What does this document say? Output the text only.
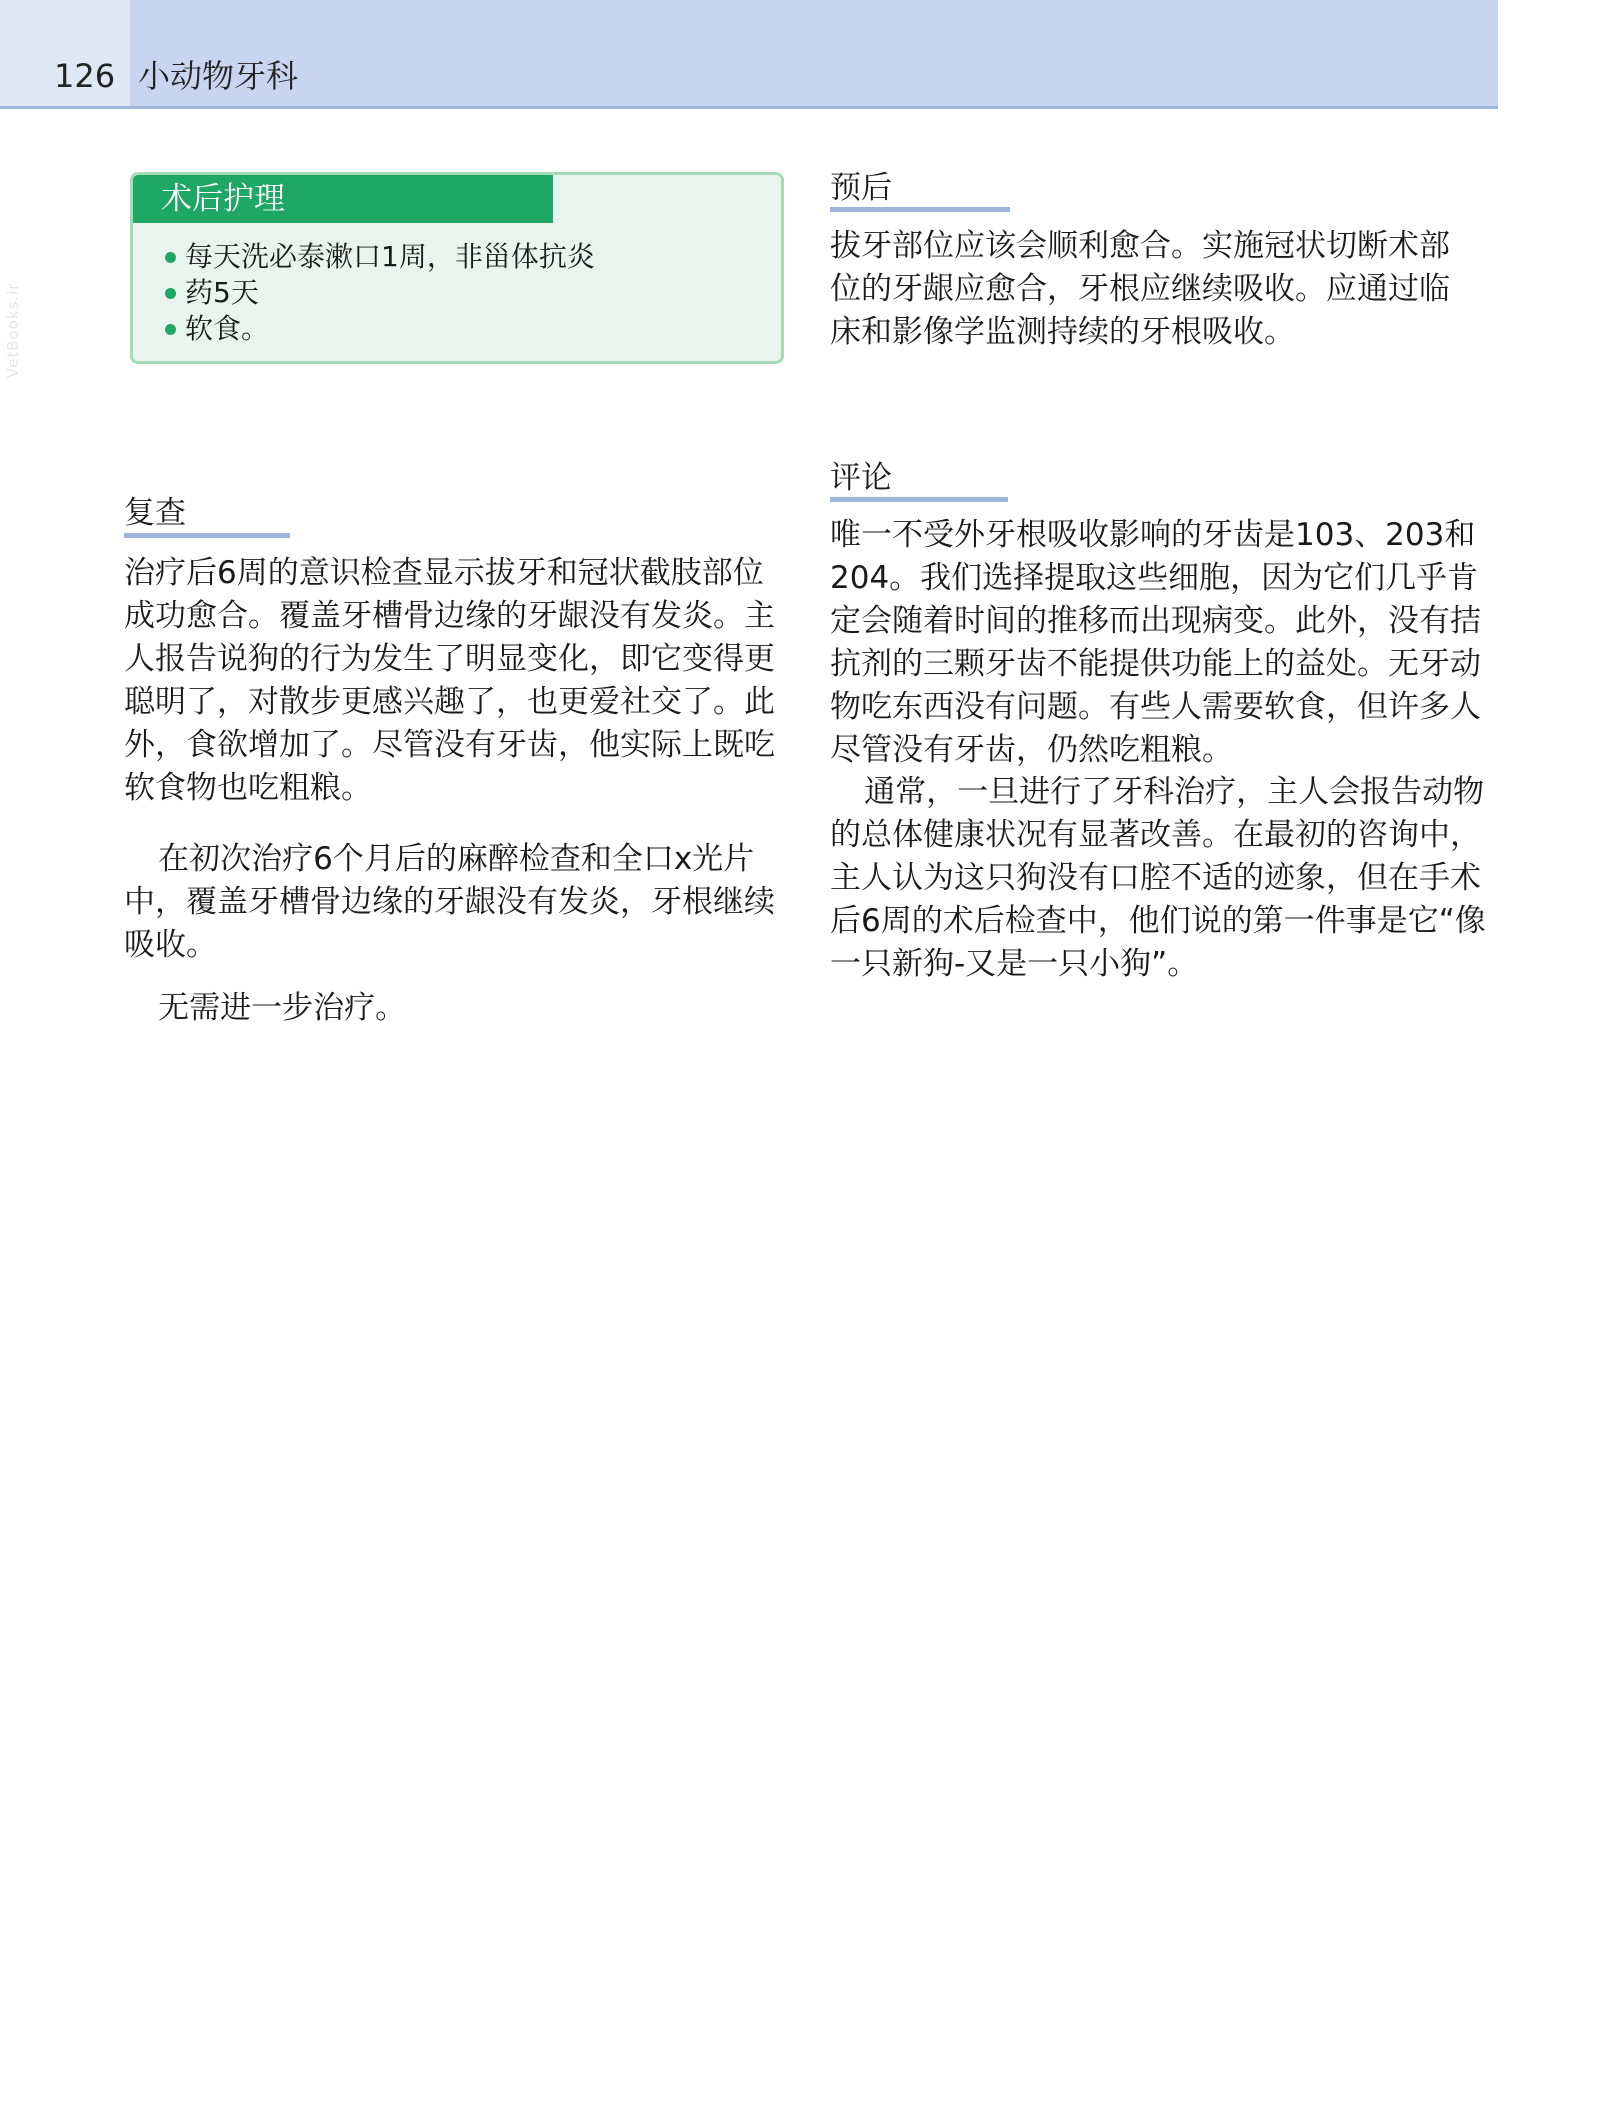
126 小动物牙科
VetBooks.ir
术后护理
每天洗必泰漱口1周，非甾体抗炎
药5天
软食。
预后

拔牙部位应该会顺利愈合。实施冠状切断术部位的牙龈应愈合，牙根应继续吸收。应通过临床和影像学监测持续的牙根吸收。

评论

唯一不受外牙根吸收影响的牙齿是103、203和204。我们选择提取这些细胞，因为它们几乎肯定会随着时间的推移而出现病变。此外，没有拮抗剂的三颗牙齿不能提供功能上的益处。无牙动物吃东西没有问题。有些人需要软食，但许多人尽管没有牙齿，仍然吃粗粮。

通常，一旦进行了牙科治疗，主人会报告动物的总体健康状况有显著改善。在最初的咨询中，主人认为这只狗没有口腔不适的迹象，但在手术后6周的术后检查中，他们说的第一件事是它“像一只新狗-又是一只小狗”。

复查

治疗后6周的意识检查显示拔牙和冠状截肢部位成功愈合。覆盖牙槽骨边缘的牙龈没有发炎。主人报告说狗的行为发生了明显变化，即它变得更聪明了，对散步更感兴趣了，也更爱社交了。此外，食欲增加了。尽管没有牙齿，他实际上既吃软食物也吃粗粮。

在初次治疗6个月后的麻醉检查和全口x光片中，覆盖牙槽骨边缘的牙龈没有发炎，牙根继续吸收。

无需进一步治疗。
